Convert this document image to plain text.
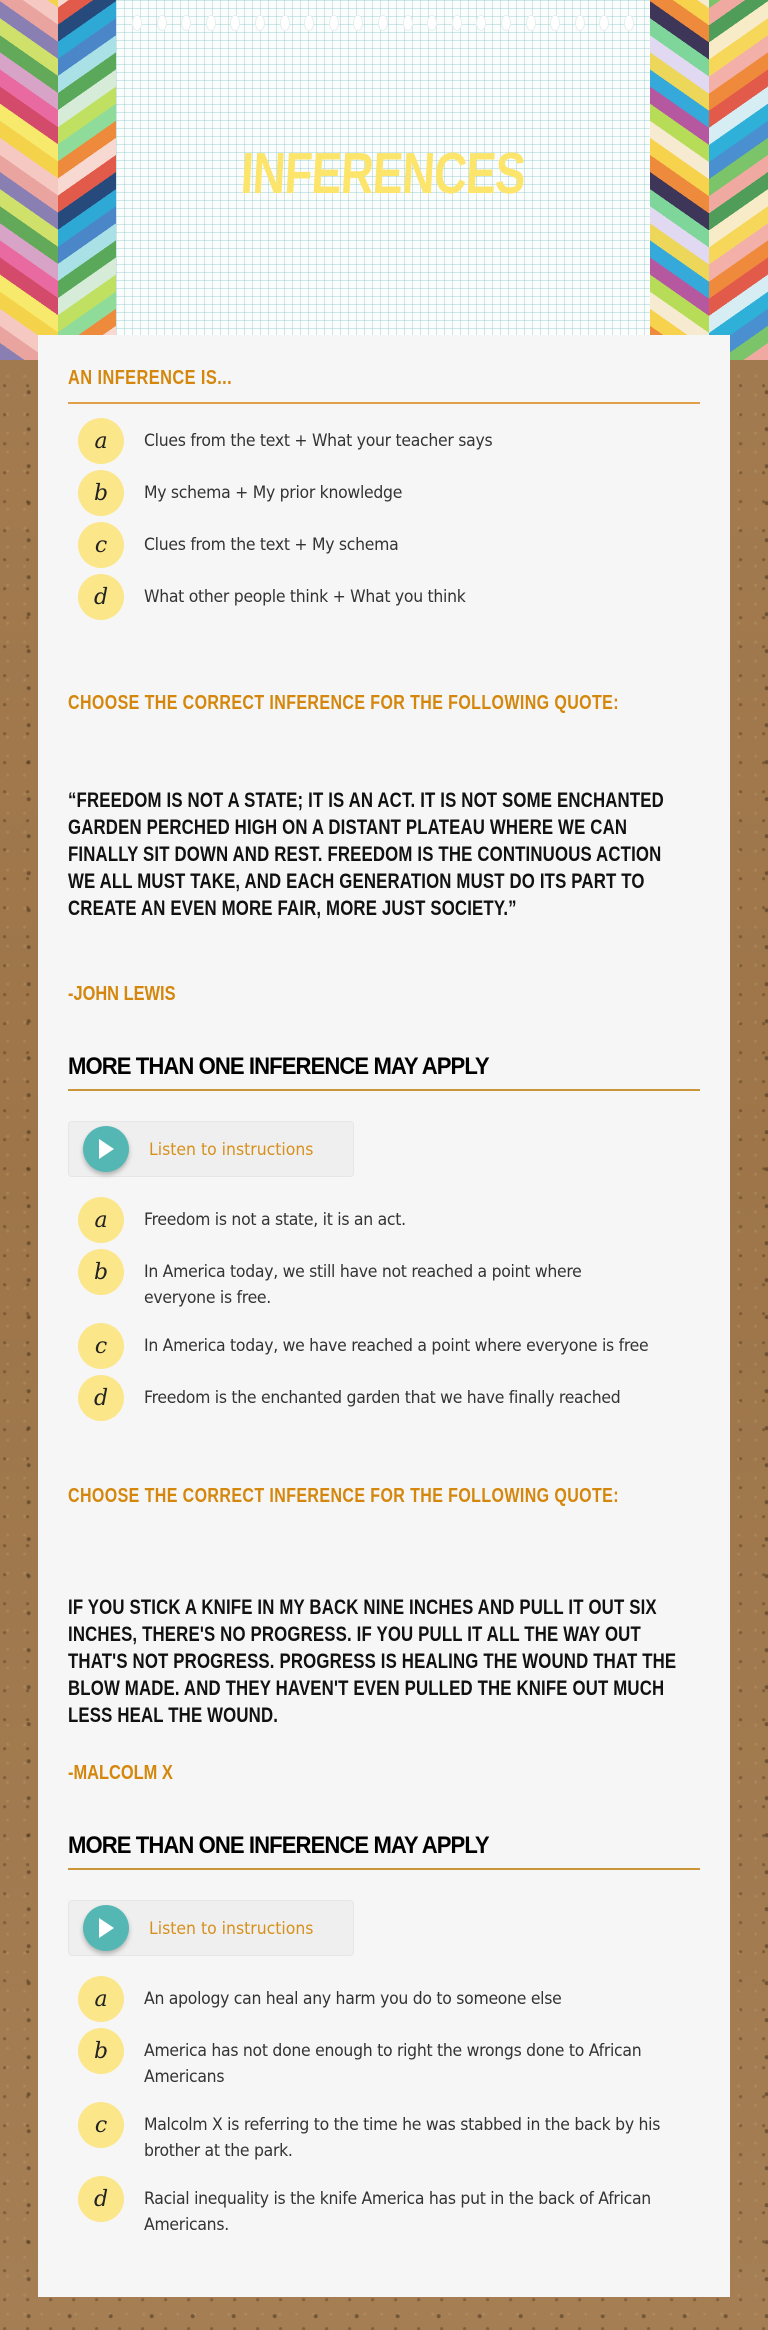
INFERENCES
AN INFERENCE IS...
a	Clues from the text + What your teacher says
b	My schema + My prior knowledge
c	Clues from the text + My schema
d	What other people think + What you think
CHOOSE THE CORRECT INFERENCE FOR THE FOLLOWING QUOTE:
“FREEDOM IS NOT A STATE; IT IS AN ACT. IT IS NOT SOME ENCHANTED GARDEN PERCHED HIGH ON A DISTANT PLATEAU WHERE WE CAN FINALLY SIT DOWN AND REST. FREEDOM IS THE CONTINUOUS ACTION WE ALL MUST TAKE, AND EACH GENERATION MUST DO ITS PART TO CREATE AN EVEN MORE FAIR, MORE JUST SOCIETY.”
-JOHN LEWIS
MORE THAN ONE INFERENCE MAY APPLY
Listen to instructions
a	Freedom is not a state, it is an act.
b	In America today, we still have not reached a point where everyone is free.
c	In America today, we have reached a point where everyone is free
d	Freedom is the enchanted garden that we have finally reached
CHOOSE THE CORRECT INFERENCE FOR THE FOLLOWING QUOTE:
IF YOU STICK A KNIFE IN MY BACK NINE INCHES AND PULL IT OUT SIX INCHES, THERE'S NO PROGRESS. IF YOU PULL IT ALL THE WAY OUT THAT'S NOT PROGRESS. PROGRESS IS HEALING THE WOUND THAT THE BLOW MADE. AND THEY HAVEN'T EVEN PULLED THE KNIFE OUT MUCH LESS HEAL THE WOUND.
-MALCOLM X
MORE THAN ONE INFERENCE MAY APPLY
Listen to instructions
a	An apology can heal any harm you do to someone else
b	America has not done enough to right the wrongs done to African Americans
c	Malcolm X is referring to the time he was stabbed in the back by his brother at the park.
d	Racial inequality is the knife America has put in the back of African Americans.
